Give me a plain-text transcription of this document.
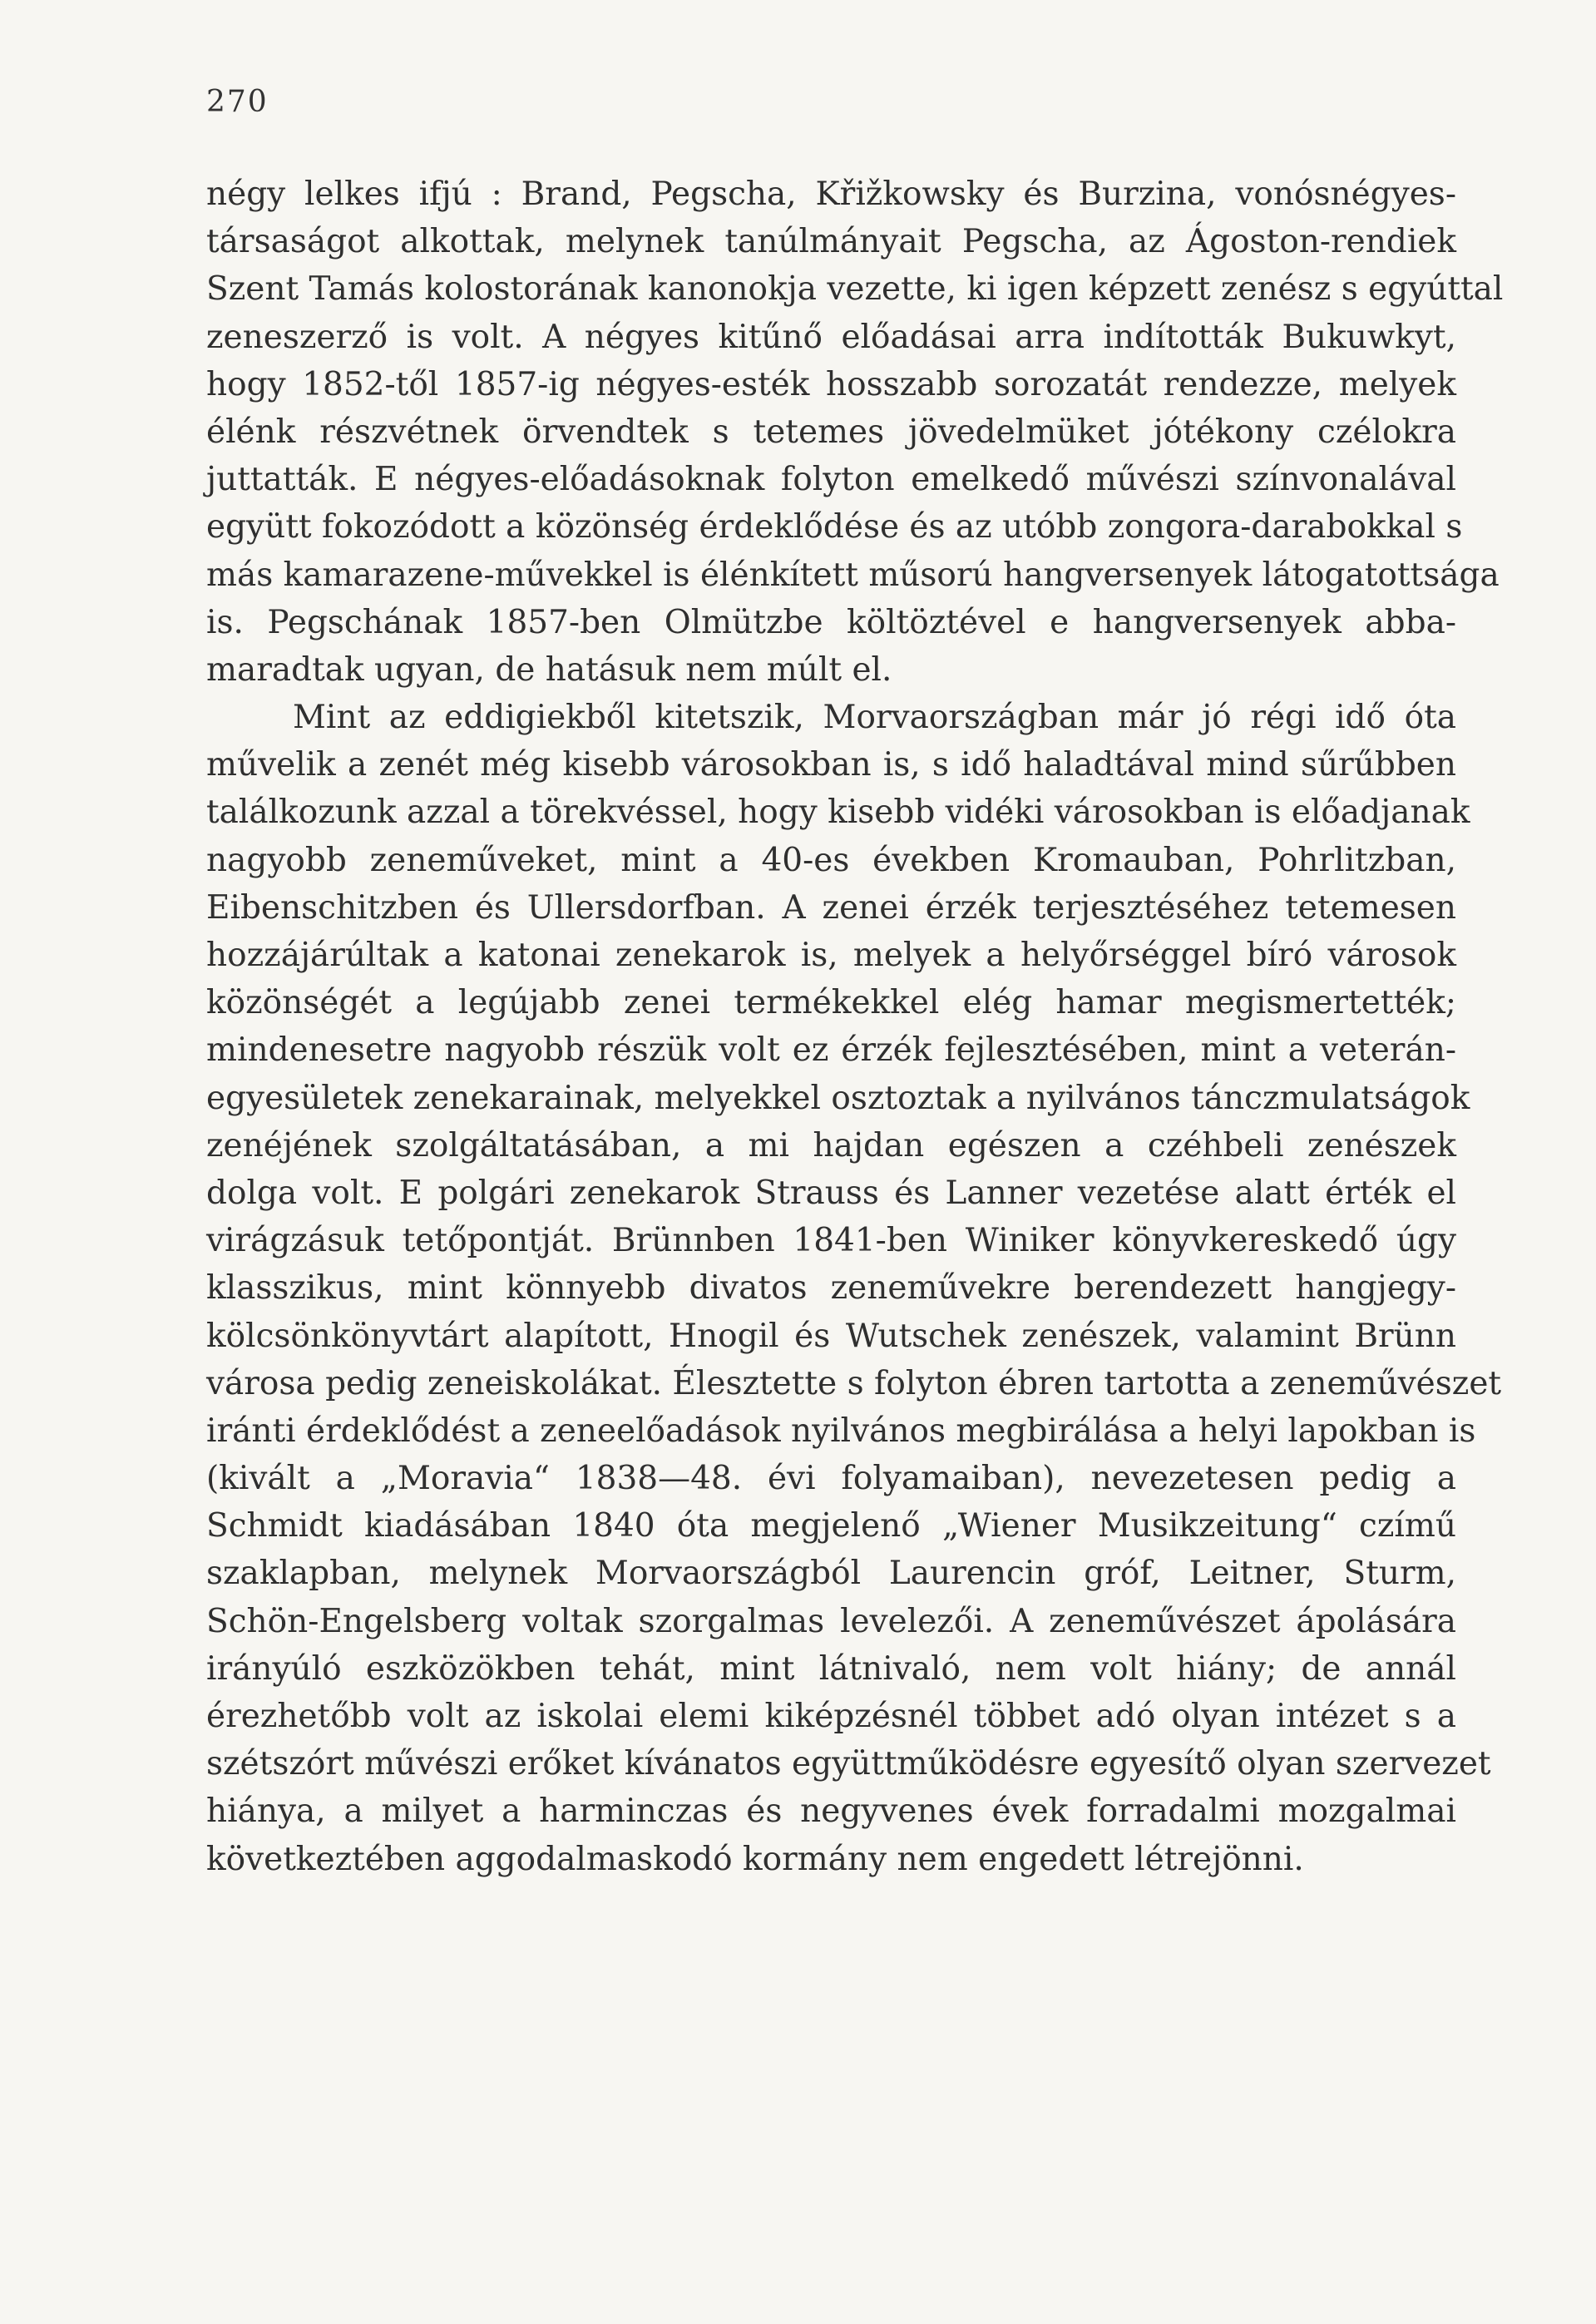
270
négy lelkes ifjú : Brand, Pegscha, Křižkowsky és Burzina, vonósnégyes-
társaságot alkottak, melynek tanúlmányait Pegscha, az Ágoston-rendiek
Szent Tamás kolostorának kanonokja vezette, ki igen képzett zenész s egyúttal
zeneszerző is volt. A négyes kitűnő előadásai arra indították Bukuwkyt,
hogy 1852-től 1857-ig négyes-esték hosszabb sorozatát rendezze, melyek
élénk részvétnek örvendtek s tetemes jövedelmüket jótékony czélokra
juttatták. E négyes-előadásoknak folyton emelkedő művészi színvonalával
együtt fokozódott a közönség érdeklődése és az utóbb zongora-darabokkal s
más kamarazene-művekkel is élénkített műsorú hangversenyek látogatottsága
is. Pegschának 1857-ben Olmützbe költöztével e hangversenyek abba-
maradtak ugyan, de hatásuk nem múlt el.
Mint az eddigiekből kitetszik, Morvaországban már jó régi idő óta
művelik a zenét még kisebb városokban is, s idő haladtával mind sűrűbben
találkozunk azzal a törekvéssel, hogy kisebb vidéki városokban is előadjanak
nagyobb zeneműveket, mint a 40-es években Kromauban, Pohrlitzban,
Eibenschitzben és Ullersdorfban. A zenei érzék terjesztéséhez tetemesen
hozzájárúltak a katonai zenekarok is, melyek a helyőrséggel bíró városok
közönségét a legújabb zenei termékekkel elég hamar megismertették;
mindenesetre nagyobb részük volt ez érzék fejlesztésében, mint a veterán-
egyesületek zenekarainak, melyekkel osztoztak a nyilvános tánczmulatságok
zenéjének szolgáltatásában, a mi hajdan egészen a czéhbeli zenészek
dolga volt. E polgári zenekarok Strauss és Lanner vezetése alatt érték el
virágzásuk tetőpontját. Brünnben 1841-ben Winiker könyvkereskedő úgy
klasszikus, mint könnyebb divatos zeneművekre berendezett hangjegy-
kölcsönkönyvtárt alapított, Hnogil és Wutschek zenészek, valamint Brünn
városa pedig zeneiskolákat. Élesztette s folyton ébren tartotta a zeneművészet
iránti érdeklődést a zeneelőadások nyilvános megbirálása a helyi lapokban is
(kivált a „Moravia“ 1838—48. évi folyamaiban), nevezetesen pedig a
Schmidt kiadásában 1840 óta megjelenő „Wiener Musikzeitung“ czímű
szaklapban, melynek Morvaországból Laurencin gróf, Leitner, Sturm,
Schön-Engelsberg voltak szorgalmas levelezői. A zeneművészet ápolására
irányúló eszközökben tehát, mint látnivaló, nem volt hiány; de annál
érezhetőbb volt az iskolai elemi kiképzésnél többet adó olyan intézet s a
szétszórt művészi erőket kívánatos együttműködésre egyesítő olyan szervezet
hiánya, a milyet a harminczas és negyvenes évek forradalmi mozgalmai
következtében aggodalmaskodó kormány nem engedett létrejönni.
